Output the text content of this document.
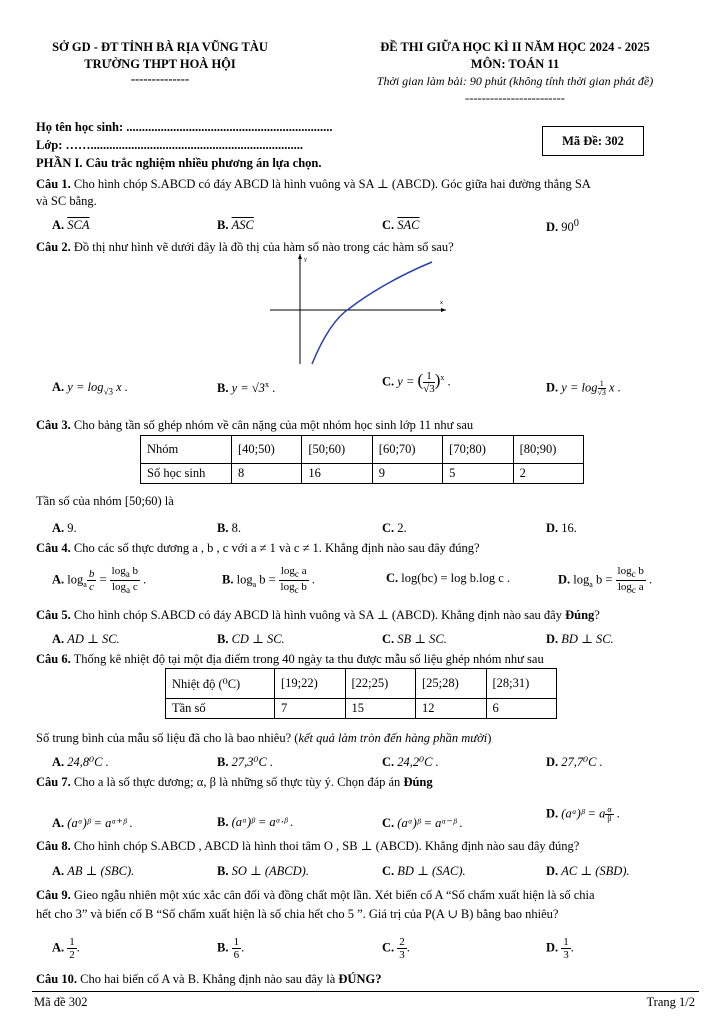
SỞ GD - ĐT TỈNH BÀ RỊA VŨNG TÀU
TRƯỜNG THPT HOÀ HỘI
--------------
ĐỀ THI GIỮA HỌC KÌ II NĂM HỌC 2024 - 2025
MÔN: TOÁN 11
Thời gian làm bài: 90 phút (không tính thời gian phát đề)
------------------------
Họ tên học sinh: ..................................................................
Lớp: ……....................................................................	Mã Đề: 302
PHẦN I. Câu trắc nghiệm nhiều phương án lựa chọn.
Câu 1. Cho hình chóp S.ABCD có đáy ABCD là hình vuông và SA ⊥ (ABCD). Góc giữa hai đường thẳng SA
và SC bằng.
A. $\overline{SCA}$	B. $\overline{ASC}$	C. $\overline{SAC}$	D. $90^0$
Câu 2. Đồ thị như hình vẽ dưới đây là đồ thị của hàm số nào trong các hàm số sau?
y
x
A. $y = \log_{√3} x$ .	B. $y = √3^x$ .	C. y = ( $\frac{1}{√3} )^x$ .	D. $y = \log \frac{1}{√3}$ x .
Câu 3. Cho bảng tần số ghép nhóm về cân nặng của một nhóm học sinh lớp 11 như sau
Nhóm	[40;50)	[50;60)	[60;70)	[70;80)	[80;90)
Số học sinh	8	16	9	5	2
Tần số của nhóm [50;60) là
A. 9.	B. 8.	C. 2.	D. 16.
Câu 4. Cho các số thực dương a , b , c với a ≠ 1 và c ≠ 1. Khẳng định nào sau đây đúng?
A. $\log_a \frac{b}{c} = \frac{\log_a b}{\log_a c}$ .	B. $\log_a b = \frac{\log_c a}{\log_c b}$ .	C. log(bc) = log b.log c .	D. $\log_a b = \frac{\log_c b}{\log_c a}$ .
Câu 5. Cho hình chóp S.ABCD có đáy ABCD là hình vuông và SA ⊥ (ABCD). Khẳng định nào sau đây Đúng?
A. AD ⊥ SC.	B. CD ⊥ SC.	C. SB ⊥ SC.	D. BD ⊥ SC.
Câu 6. Thống kê nhiệt độ tại một địa điểm trong 40 ngày ta thu được mẫu số liệu ghép nhóm như sau
Nhiệt độ (⁰C)	[19;22)	[22;25)	[25;28)	[28;31)
Tần số	7	15	12	6
Số trung bình của mẫu số liệu đã cho là bao nhiêu? (kết quả làm tròn đến hàng phần mười)
A. 24,8⁰C .	B. 27,3⁰C .	C. 24,2⁰C .	D. 27,7⁰C .
Câu 7. Cho a là số thực dương; α, β là những số thực tùy ý. Chọn đáp án Đúng
A. (aᵅ)ᵝ = aᵅ⁺ᵝ .	B. (aᵅ)ᵝ = aᵅ·ᵝ .	C. (aᵅ)ᵝ = aᵅ⁻ᵝ .
D. (aᵅ)ᵝ = a $\frac{\alpha}{\beta}$ .
Câu 8. Cho hình chóp S.ABCD , ABCD là hình thoi tâm O , SB ⊥ (ABCD). Khẳng định nào sau đây đúng?
A. AB ⊥ (SBC).	B. SO ⊥ (ABCD).	C. BD ⊥ (SAC).	D. AC ⊥ (SBD).
Câu 9. Gieo ngẫu nhiên một xúc xắc cân đối và đồng chất một lần. Xét biến cố A “Số chấm xuất hiện là số chia
hết cho 3” và biến cố B “Số chấm xuất hiện là số chia hết cho 5 ”. Giá trị của P(A ∪ B) bằng bao nhiêu?
A. $\frac{1}{2}$ .	B. $\frac{1}{6}$ .	C. $\frac{2}{3}$ .	D. $\frac{1}{3}$ .
Câu 10. Cho hai biến cố A và B. Khẳng định nào sau đây là ĐÚNG?
Mã đề 302	Trang 1/2
